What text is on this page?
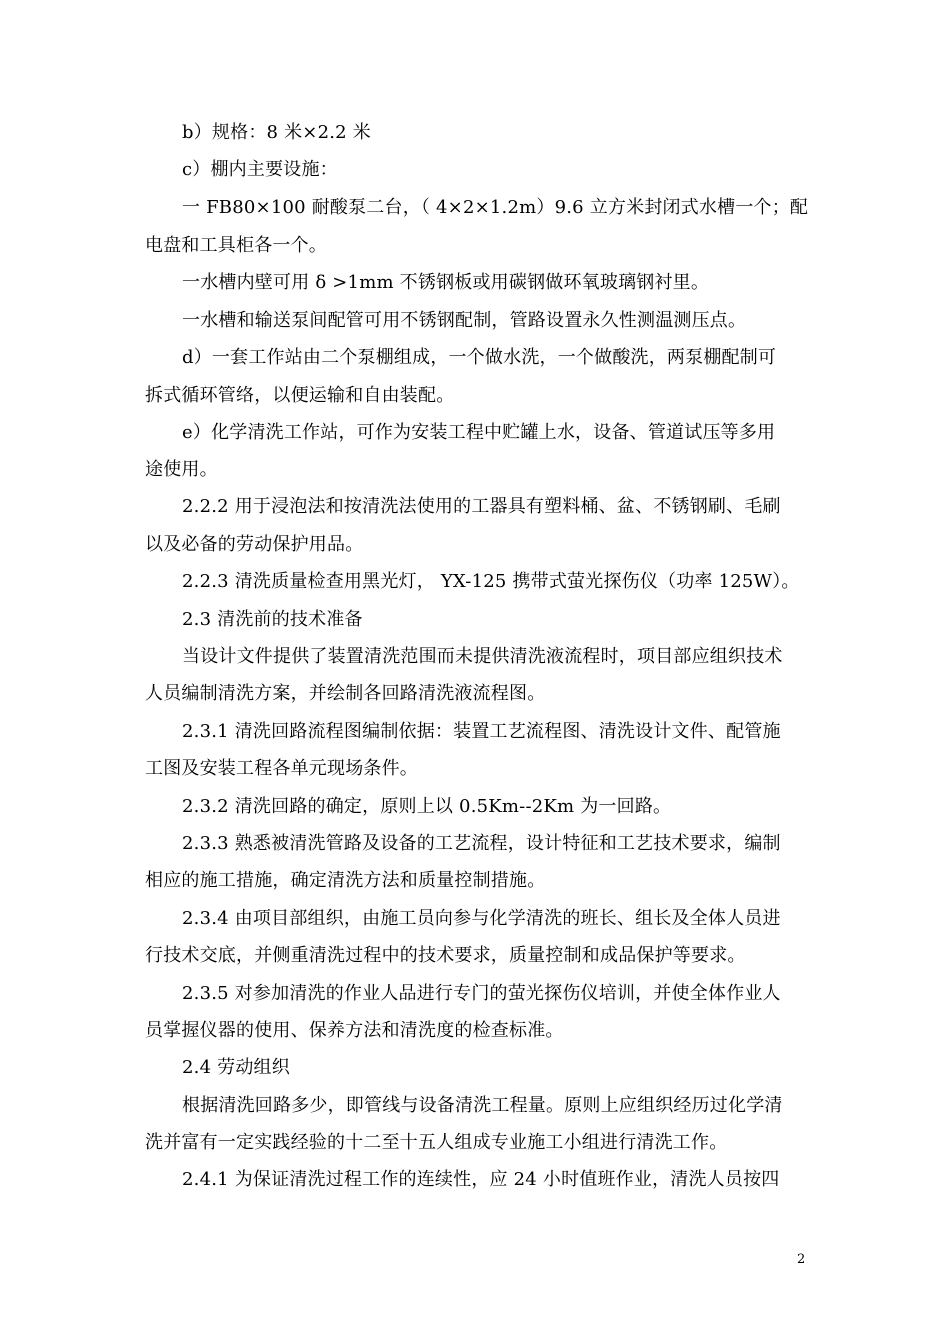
b）规格：8 米×2.2 米
c）棚内主要设施：
一 FB80×100 耐酸泵二台，（ 4×2×1.2m）9.6 立方米封闭式水槽一个；配
电盘和工具柜各一个。
一水槽内壁可用 δ >1mm 不锈钢板或用碳钢做环氧玻璃钢衬里。
一水槽和输送泵间配管可用不锈钢配制，管路设置永久性测温测压点。
d）一套工作站由二个泵棚组成，一个做水洗，一个做酸洗，两泵棚配制可
拆式循环管络，以便运输和自由装配。
e）化学清洗工作站，可作为安装工程中贮罐上水，设备、管道试压等多用
途使用。
2.2.2 用于浸泡法和按清洗法使用的工器具有塑料桶、盆、不锈钢刷、毛刷
以及必备的劳动保护用品。
2.2.3 清洗质量检查用黑光灯， YX-125 携带式萤光探伤仪（功率 125W）。
2.3 清洗前的技术准备
当设计文件提供了装置清洗范围而未提供清洗液流程时，项目部应组织技术
人员编制清洗方案，并绘制各回路清洗液流程图。
2.3.1 清洗回路流程图编制依据：装置工艺流程图、清洗设计文件、配管施
工图及安装工程各单元现场条件。
2.3.2 清洗回路的确定，原则上以 0.5Km--2Km 为一回路。
2.3.3 熟悉被清洗管路及设备的工艺流程，设计特征和工艺技术要求，编制
相应的施工措施，确定清洗方法和质量控制措施。
2.3.4 由项目部组织，由施工员向参与化学清洗的班长、组长及全体人员进
行技术交底，并侧重清洗过程中的技术要求，质量控制和成品保护等要求。
2.3.5 对参加清洗的作业人品进行专门的萤光探伤仪培训，并使全体作业人
员掌握仪器的使用、保养方法和清洗度的检查标准。
2.4 劳动组织
根据清洗回路多少，即管线与设备清洗工程量。原则上应组织经历过化学清
洗并富有一定实践经验的十二至十五人组成专业施工小组进行清洗工作。
2.4.1 为保证清洗过程工作的连续性，应 24 小时值班作业，清洗人员按四
2
